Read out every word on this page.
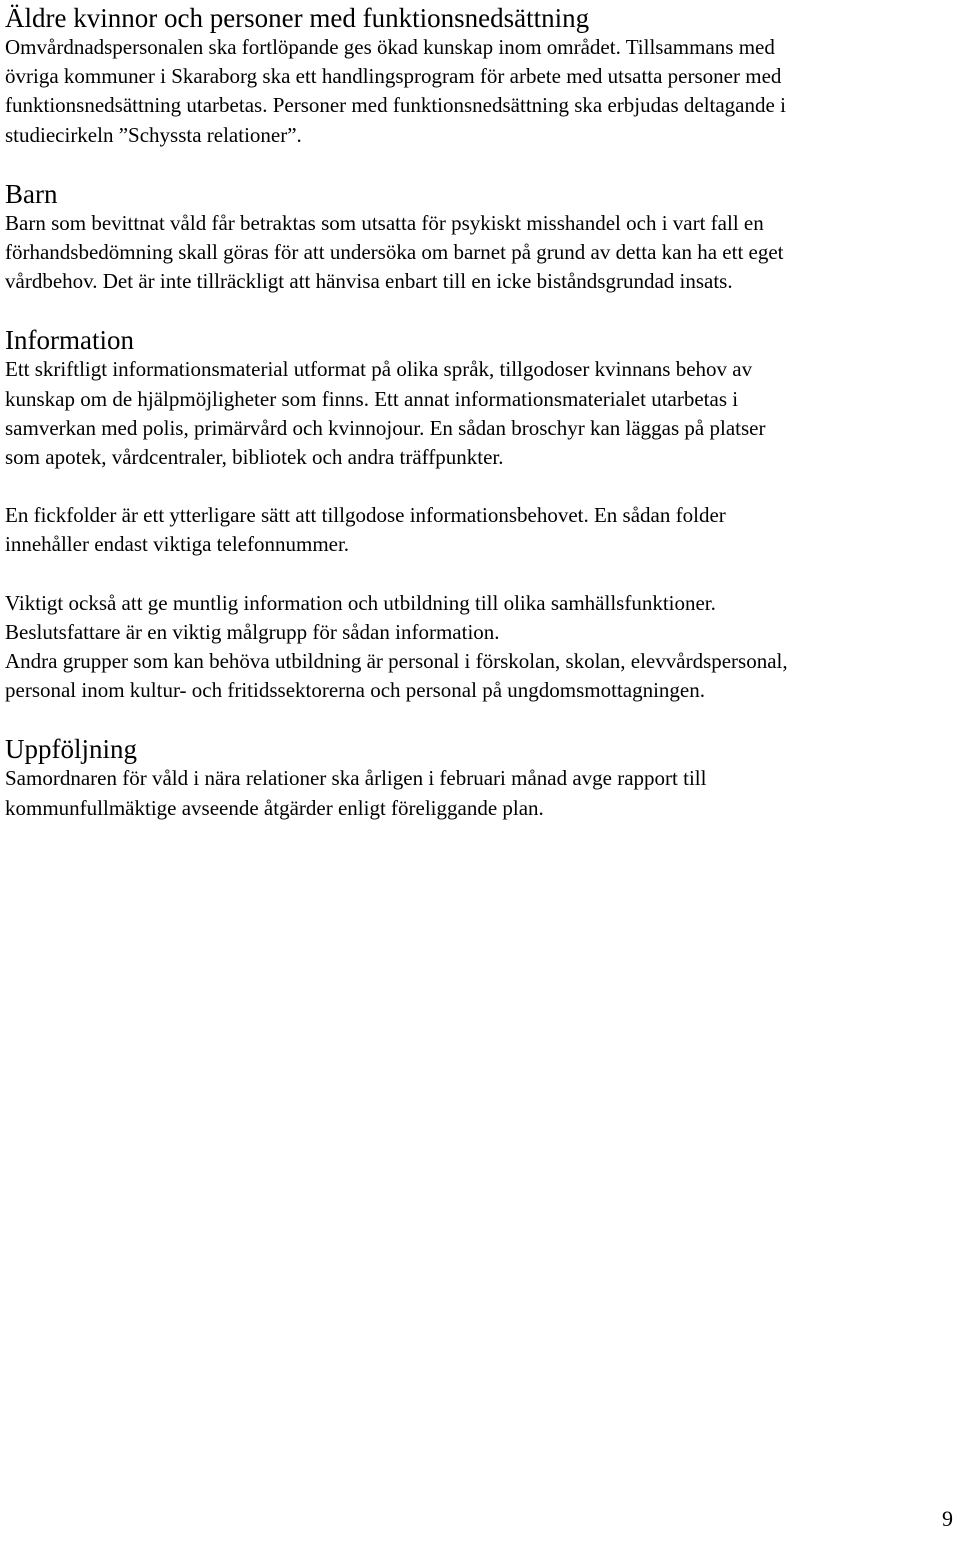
Äldre kvinnor och personer med funktionsnedsättning

Omvårdnadspersonalen ska fortlöpande ges ökad kunskap inom området. Tillsammans med
övriga kommuner i Skaraborg ska ett handlingsprogram för arbete med utsatta personer med
funktionsnedsättning utarbetas. Personer med funktionsnedsättning ska erbjudas deltagande i
studiecirkeln ”Schyssta relationer”.

Barn

Barn som bevittnat våld får betraktas som utsatta för psykiskt misshandel och i vart fall en
förhandsbedömning skall göras för att undersöka om barnet på grund av detta kan ha ett eget
vårdbehov. Det är inte tillräckligt att hänvisa enbart till en icke biståndsgrundad insats.

Information

Ett skriftligt informationsmaterial utformat på olika språk, tillgodoser kvinnans behov av
kunskap om de hjälpmöjligheter som finns. Ett annat informationsmaterialet utarbetas i
samverkan med polis, primärvård och kvinnojour. En sådan broschyr kan läggas på platser
som apotek, vårdcentraler, bibliotek och andra träffpunkter.

En fickfolder är ett ytterligare sätt att tillgodose informationsbehovet. En sådan folder
innehåller endast viktiga telefonnummer.

Viktigt också att ge muntlig information och utbildning till olika samhällsfunktioner.
Beslutsfattare är en viktig målgrupp för sådan information.
Andra grupper som kan behöva utbildning är personal i förskolan, skolan, elevvårdspersonal,
personal inom kultur- och fritidssektorerna och personal på ungdomsmottagningen.

Uppföljning

Samordnaren för våld i nära relationer ska årligen i februari månad avge rapport till
kommunfullmäktige avseende åtgärder enligt föreliggande plan.

9
